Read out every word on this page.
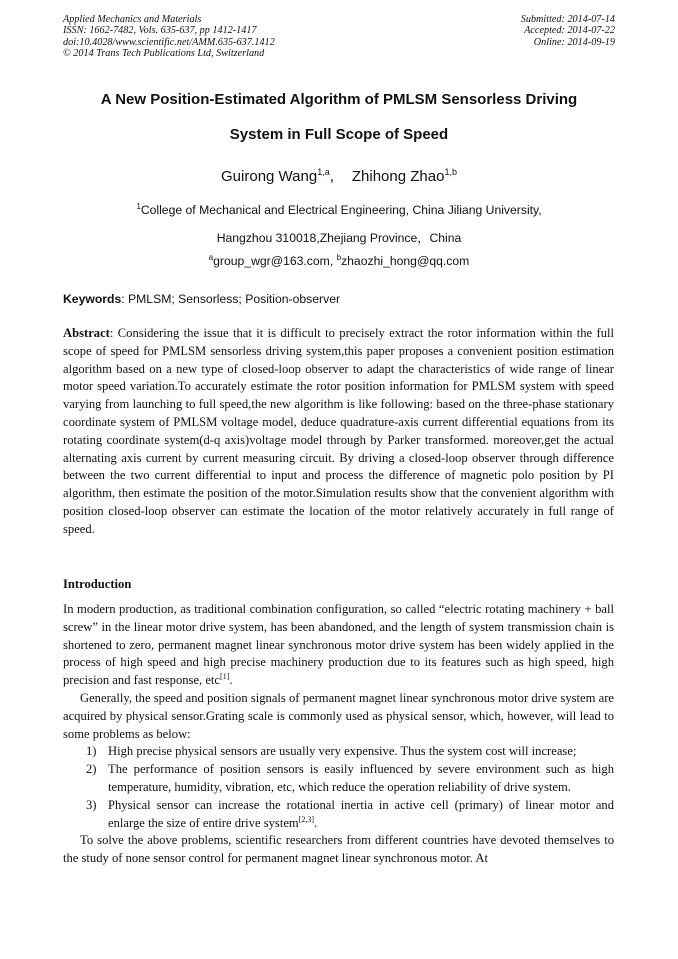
Applied Mechanics and Materials
ISSN: 1662-7482, Vols. 635-637, pp 1412-1417
doi:10.4028/www.scientific.net/AMM.635-637.1412
© 2014 Trans Tech Publications Ltd, Switzerland
Submitted: 2014-07-14
Accepted: 2014-07-22
Online: 2014-09-19
A New Position-Estimated Algorithm of PMLSM Sensorless Driving
System in Full Scope of Speed
Guirong Wang$^{1,a}$, Zhihong Zhao$^{1,b}$
$^1$College of Mechanical and Electrical Engineering, China Jiliang University,
Hangzhou 310018,Zhejiang Province，China
$^a$group_wgr@163.com, $^b$zhaozhi_hong@qq.com
Keywords: PMLSM; Sensorless; Position-observer

Abstract: Considering the issue that it is difficult to precisely extract the rotor information within the full scope of speed for PMLSM sensorless driving system,this paper proposes a convenient position estimation algorithm based on a new type of closed-loop observer to adapt the characteristics of wide range of linear motor speed variation.To accurately estimate the rotor position information for PMLSM system with speed varying from launching to full speed,the new algorithm is like following: based on the three-phase stationary coordinate system of PMLSM voltage model, deduce quadrature-axis current differential equations from its rotating coordinate system(d-q axis)voltage model through by Parker transformed. moreover,get the actual alternating axis current by current measuring circuit. By driving a closed-loop observer through difference between the two current differential to input and process the difference of magnetic polo position by PI algorithm, then estimate the position of the motor.Simulation results show that the convenient algorithm with position closed-loop observer can estimate the location of the motor relatively accurately in full range of speed.

Introduction

In modern production, as traditional combination configuration, so called “electric rotating machinery + ball screw” in the linear motor drive system, has been abandoned, and the length of system transmission chain is shortened to zero, permanent magnet linear synchronous motor drive system has been widely applied in the process of high speed and high precise machinery production due to its features such as high speed, high precision and fast response, etc[1].

Generally, the speed and position signals of permanent magnet linear synchronous motor drive system are acquired by physical sensor.Grating scale is commonly used as physical sensor, which, however, will lead to some problems as below:

1) High precise physical sensors are usually very expensive. Thus the system cost will increase;
2) The performance of position sensors is easily influenced by severe environment such as high temperature, humidity, vibration, etc, which reduce the operation reliability of drive system.
3) Physical sensor can increase the rotational inertia in active cell (primary) of linear motor and enlarge the size of entire drive system[2,3].

To solve the above problems, scientific researchers from different countries have devoted themselves to the study of none sensor control for permanent magnet linear synchronous motor. At
